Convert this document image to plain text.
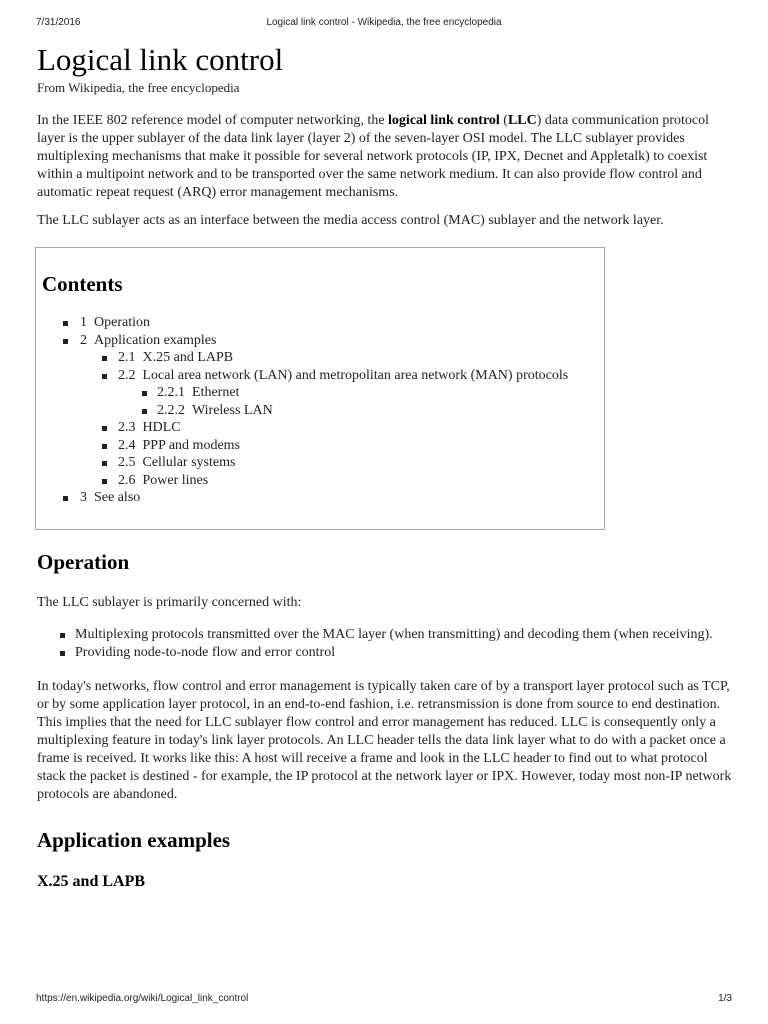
7/31/2016	Logical link control - Wikipedia, the free encyclopedia
Logical link control
From Wikipedia, the free encyclopedia

In the IEEE 802 reference model of computer networking, the logical link control (LLC) data communication protocol layer is the upper sublayer of the data link layer (layer 2) of the seven-layer OSI model. The LLC sublayer provides multiplexing mechanisms that make it possible for several network protocols (IP, IPX, Decnet and Appletalk) to coexist within a multipoint network and to be transported over the same network medium. It can also provide flow control and automatic repeat request (ARQ) error management mechanisms.

The LLC sublayer acts as an interface between the media access control (MAC) sublayer and the network layer.

Contents
1 Operation
2 Application examples
2.1 X.25 and LAPB
2.2 Local area network (LAN) and metropolitan area network (MAN) protocols
2.2.1 Ethernet
2.2.2 Wireless LAN
2.3 HDLC
2.4 PPP and modems
2.5 Cellular systems
2.6 Power lines
3 See also
Operation

The LLC sublayer is primarily concerned with:

Multiplexing protocols transmitted over the MAC layer (when transmitting) and decoding them (when receiving).
Providing node-to-node flow and error control

In today's networks, flow control and error management is typically taken care of by a transport layer protocol such as TCP, or by some application layer protocol, in an end-to-end fashion, i.e. retransmission is done from source to end destination. This implies that the need for LLC sublayer flow control and error management has reduced. LLC is consequently only a multiplexing feature in today's link layer protocols. An LLC header tells the data link layer what to do with a packet once a frame is received. It works like this: A host will receive a frame and look in the LLC header to find out to what protocol stack the packet is destined - for example, the IP protocol at the network layer or IPX. However, today most non-IP network protocols are abandoned.

Application examples
X.25 and LAPB
https://en.wikipedia.org/wiki/Logical_link_control	1/3
